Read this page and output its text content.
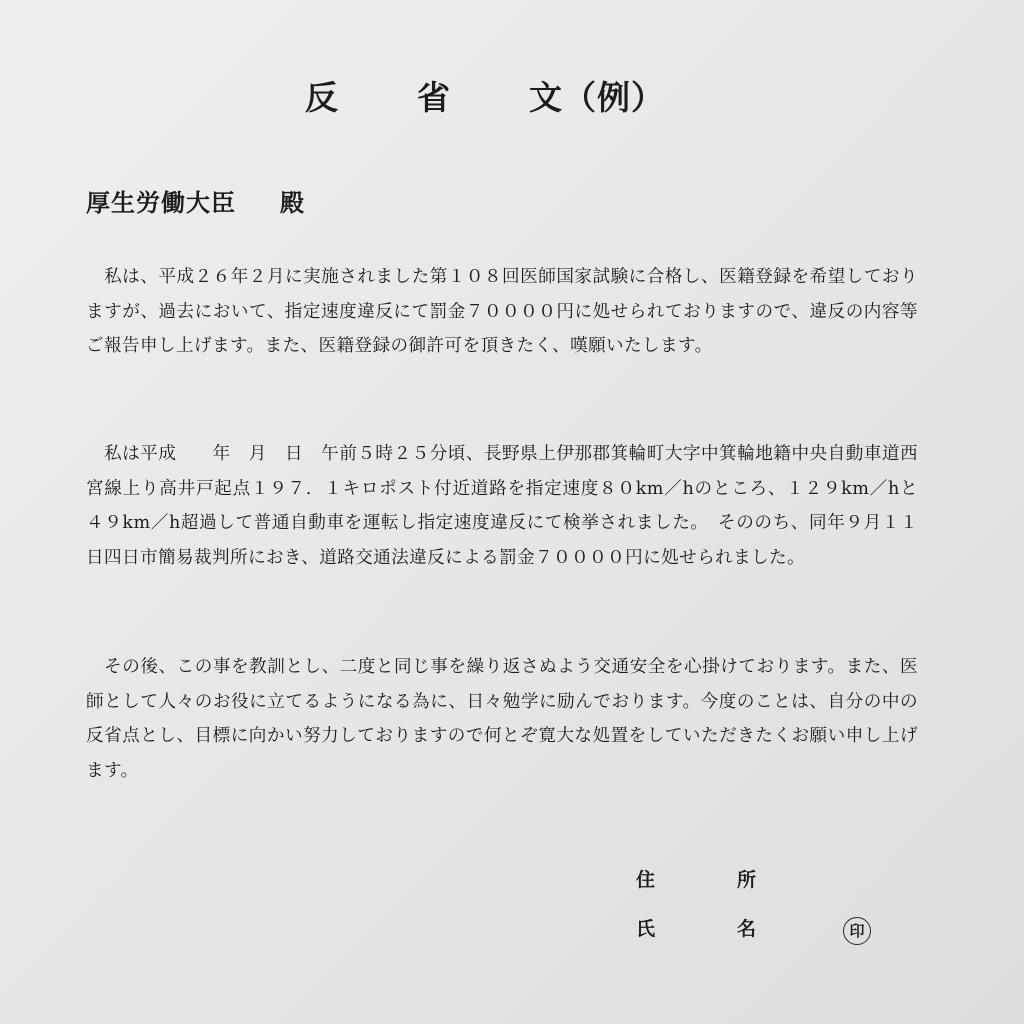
反 省 文（例）
厚生労働大臣 殿

　私は、平成２６年２月に実施されました第１０８回医師国家試験に合格し、医籍登録を希望しておりますが、過去において、指定速度違反にて罰金７００００円に処せられておりますので、違反の内容等ご報告申し上げます。また、医籍登録の御許可を頂きたく、嘆願いたします。

　私は平成　　年　月　日　午前５時２５分頃、長野県上伊那郡箕輪町大字中箕輪地籍中央自動車道西宮線上り高井戸起点１９７．１キロポスト付近道路を指定速度８０km／hのところ、１２９km／hと４９km／h超過して普通自動車を運転し指定速度違反にて検挙されました。　そののち、同年９月１１日四日市簡易裁判所におき、道路交通法違反による罰金７００００円に処せられました。

　その後、この事を教訓とし、二度と同じ事を繰り返さぬよう交通安全を心掛けております。また、医師として人々のお役に立てるようになる為に、日々勉学に励んでおります。今度のことは、自分の中の反省点とし、目標に向かい努力しておりますので何とぞ寛大な処置をしていただきたくお願い申し上げます。

住	所
氏	名	印
